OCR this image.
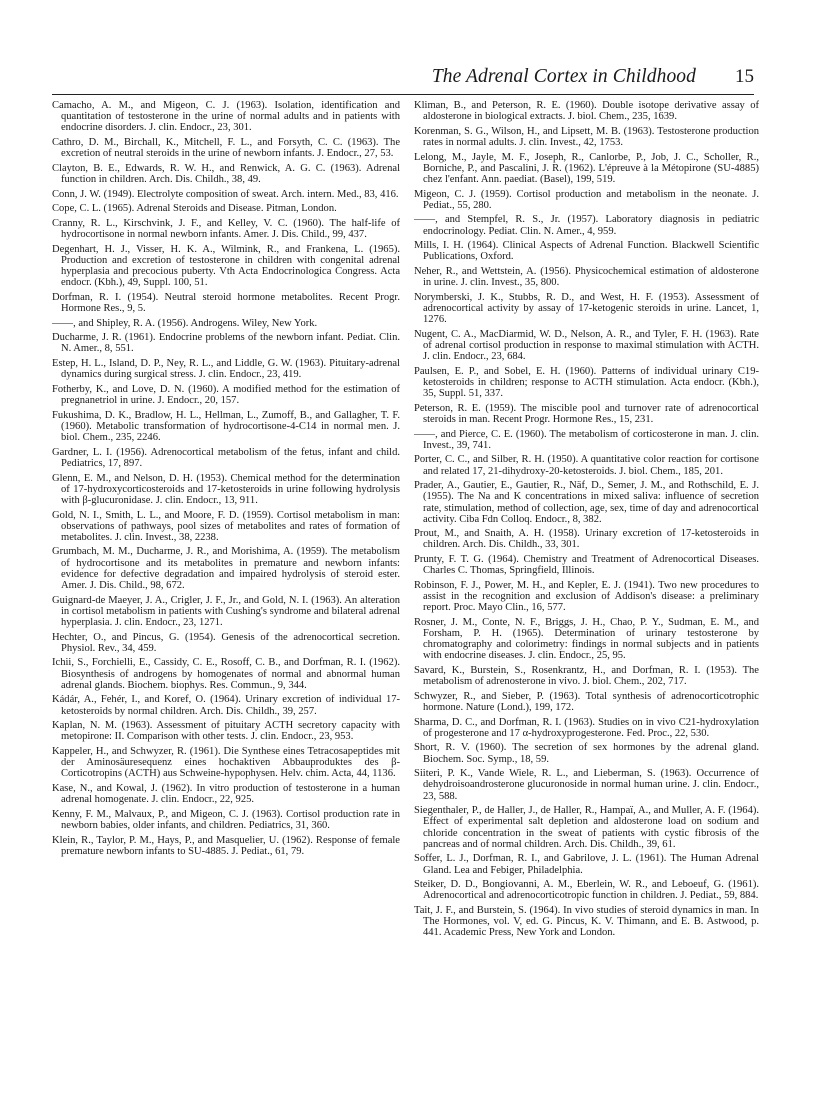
The Adrenal Cortex in Childhood 15

Camacho, A. M., and Migeon, C. J. (1963). Isolation, identification and quantitation of testosterone in the urine of normal adults and in patients with endocrine disorders. J. clin. Endocr., 23, 301.

Cathro, D. M., Birchall, K., Mitchell, F. L., and Forsyth, C. C. (1963). The excretion of neutral steroids in the urine of newborn infants. J. Endocr., 27, 53.

Clayton, B. E., Edwards, R. W. H., and Renwick, A. G. C. (1963). Adrenal function in children. Arch. Dis. Childh., 38, 49.

Conn, J. W. (1949). Electrolyte composition of sweat. Arch. intern. Med., 83, 416.

Cope, C. L. (1965). Adrenal Steroids and Disease. Pitman, London.

Cranny, R. L., Kirschvink, J. F., and Kelley, V. C. (1960). The half-life of hydrocortisone in normal newborn infants. Amer. J. Dis. Child., 99, 437.

Degenhart, H. J., Visser, H. K. A., Wilmink, R., and Frankena, L. (1965). Production and excretion of testosterone in children with congenital adrenal hyperplasia and precocious puberty. Vth Acta Endocrinologica Congress. Acta endocr. (Kbh.), 49, Suppl. 100, 51.

Dorfman, R. I. (1954). Neutral steroid hormone metabolites. Recent Progr. Hormone Res., 9, 5.

——, and Shipley, R. A. (1956). Androgens. Wiley, New York.

Ducharme, J. R. (1961). Endocrine problems of the newborn infant. Pediat. Clin. N. Amer., 8, 551.

Estep, H. L., Island, D. P., Ney, R. L., and Liddle, G. W. (1963). Pituitary-adrenal dynamics during surgical stress. J. clin. Endocr., 23, 419.

Fotherby, K., and Love, D. N. (1960). A modified method for the estimation of pregnanetriol in urine. J. Endocr., 20, 157.

Fukushima, D. K., Bradlow, H. L., Hellman, L., Zumoff, B., and Gallagher, T. F. (1960). Metabolic transformation of hydrocortisone-4-C14 in normal men. J. biol. Chem., 235, 2246.

Gardner, L. I. (1956). Adrenocortical metabolism of the fetus, infant and child. Pediatrics, 17, 897.

Glenn, E. M., and Nelson, D. H. (1953). Chemical method for the determination of 17-hydroxycorticosteroids and 17-ketosteroids in urine following hydrolysis with β-glucuronidase. J. clin. Endocr., 13, 911.

Gold, N. I., Smith, L. L., and Moore, F. D. (1959). Cortisol metabolism in man: observations of pathways, pool sizes of metabolites and rates of formation of metabolites. J. clin. Invest., 38, 2238.

Grumbach, M. M., Ducharme, J. R., and Morishima, A. (1959). The metabolism of hydrocortisone and its metabolites in premature and newborn infants: evidence for defective degradation and impaired hydrolysis of steroid ester. Amer. J. Dis. Child., 98, 672.

Guignard-de Maeyer, J. A., Crigler, J. F., Jr., and Gold, N. I. (1963). An alteration in cortisol metabolism in patients with Cushing's syndrome and bilateral adrenal hyperplasia. J. clin. Endocr., 23, 1271.

Hechter, O., and Pincus, G. (1954). Genesis of the adrenocortical secretion. Physiol. Rev., 34, 459.

Ichii, S., Forchielli, E., Cassidy, C. E., Rosoff, C. B., and Dorfman, R. I. (1962). Biosynthesis of androgens by homogenates of normal and abnormal human adrenal glands. Biochem. biophys. Res. Commun., 9, 344.

Kádár, A., Fehér, I., and Koref, O. (1964). Urinary excretion of individual 17-ketosteroids by normal children. Arch. Dis. Childh., 39, 257.

Kaplan, N. M. (1963). Assessment of pituitary ACTH secretory capacity with metopirone: II. Comparison with other tests. J. clin. Endocr., 23, 953.

Kappeler, H., and Schwyzer, R. (1961). Die Synthese eines Tetracosapeptides mit der Aminosäuresequenz eines hochaktiven Abbauproduktes des β-Corticotropins (ACTH) aus Schweine-hypophysen. Helv. chim. Acta, 44, 1136.

Kase, N., and Kowal, J. (1962). In vitro production of testosterone in a human adrenal homogenate. J. clin. Endocr., 22, 925.

Kenny, F. M., Malvaux, P., and Migeon, C. J. (1963). Cortisol production rate in newborn babies, older infants, and children. Pediatrics, 31, 360.

Klein, R., Taylor, P. M., Hays, P., and Masquelier, U. (1962). Response of female premature newborn infants to SU-4885. J. Pediat., 61, 79.

Kliman, B., and Peterson, R. E. (1960). Double isotope derivative assay of aldosterone in biological extracts. J. biol. Chem., 235, 1639.

Korenman, S. G., Wilson, H., and Lipsett, M. B. (1963). Testosterone production rates in normal adults. J. clin. Invest., 42, 1753.

Lelong, M., Jayle, M. F., Joseph, R., Canlorbe, P., Job, J. C., Scholler, R., Borniche, P., and Pascalini, J. R. (1962). L'épreuve à la Métopirone (SU-4885) chez l'enfant. Ann. paediat. (Basel), 199, 519.

Migeon, C. J. (1959). Cortisol production and metabolism in the neonate. J. Pediat., 55, 280.

——, and Stempfel, R. S., Jr. (1957). Laboratory diagnosis in pediatric endocrinology. Pediat. Clin. N. Amer., 4, 959.

Mills, I. H. (1964). Clinical Aspects of Adrenal Function. Blackwell Scientific Publications, Oxford.

Neher, R., and Wettstein, A. (1956). Physicochemical estimation of aldosterone in urine. J. clin. Invest., 35, 800.

Norymberski, J. K., Stubbs, R. D., and West, H. F. (1953). Assessment of adrenocortical activity by assay of 17-ketogenic steroids in urine. Lancet, 1, 1276.

Nugent, C. A., MacDiarmid, W. D., Nelson, A. R., and Tyler, F. H. (1963). Rate of adrenal cortisol production in response to maximal stimulation with ACTH. J. clin. Endocr., 23, 684.

Paulsen, E. P., and Sobel, E. H. (1960). Patterns of individual urinary C19-ketosteroids in children; response to ACTH stimulation. Acta endocr. (Kbh.), 35, Suppl. 51, 337.

Peterson, R. E. (1959). The miscible pool and turnover rate of adrenocortical steroids in man. Recent Progr. Hormone Res., 15, 231.

——, and Pierce, C. E. (1960). The metabolism of corticosterone in man. J. clin. Invest., 39, 741.

Porter, C. C., and Silber, R. H. (1950). A quantitative color reaction for cortisone and related 17, 21-dihydroxy-20-ketosteroids. J. biol. Chem., 185, 201.

Prader, A., Gautier, E., Gautier, R., Näf, D., Semer, J. M., and Rothschild, E. J. (1955). The Na and K concentrations in mixed saliva: influence of secretion rate, stimulation, method of collection, age, sex, time of day and adrenocortical activity. Ciba Fdn Colloq. Endocr., 8, 382.

Prout, M., and Snaith, A. H. (1958). Urinary excretion of 17-ketosteroids in children. Arch. Dis. Childh., 33, 301.

Prunty, F. T. G. (1964). Chemistry and Treatment of Adrenocortical Diseases. Charles C. Thomas, Springfield, Illinois.

Robinson, F. J., Power, M. H., and Kepler, E. J. (1941). Two new procedures to assist in the recognition and exclusion of Addison's disease: a preliminary report. Proc. Mayo Clin., 16, 577.

Rosner, J. M., Conte, N. F., Briggs, J. H., Chao, P. Y., Sudman, E. M., and Forsham, P. H. (1965). Determination of urinary testosterone by chromatography and colorimetry: findings in normal subjects and in patients with endocrine diseases. J. clin. Endocr., 25, 95.

Savard, K., Burstein, S., Rosenkrantz, H., and Dorfman, R. I. (1953). The metabolism of adrenosterone in vivo. J. biol. Chem., 202, 717.

Schwyzer, R., and Sieber, P. (1963). Total synthesis of adrenocorticotrophic hormone. Nature (Lond.), 199, 172.

Sharma, D. C., and Dorfman, R. I. (1963). Studies on in vivo C21-hydroxylation of progesterone and 17 α-hydroxyprogesterone. Fed. Proc., 22, 530.

Short, R. V. (1960). The secretion of sex hormones by the adrenal gland. Biochem. Soc. Symp., 18, 59.

Siiteri, P. K., Vande Wiele, R. L., and Lieberman, S. (1963). Occurrence of dehydroisoandrosterone glucuronoside in normal human urine. J. clin. Endocr., 23, 588.

Siegenthaler, P., de Haller, J., de Haller, R., Hampaï, A., and Muller, A. F. (1964). Effect of experimental salt depletion and aldosterone load on sodium and chloride concentration in the sweat of patients with cystic fibrosis of the pancreas and of normal children. Arch. Dis. Childh., 39, 61.

Soffer, L. J., Dorfman, R. I., and Gabrilove, J. L. (1961). The Human Adrenal Gland. Lea and Febiger, Philadelphia.

Steiker, D. D., Bongiovanni, A. M., Eberlein, W. R., and Leboeuf, G. (1961). Adrenocortical and adrenocorticotropic function in children. J. Pediat., 59, 884.

Tait, J. F., and Burstein, S. (1964). In vivo studies of steroid dynamics in man. In The Hormones, vol. V, ed. G. Pincus, K. V. Thimann, and E. B. Astwood, p. 441. Academic Press, New York and London.
